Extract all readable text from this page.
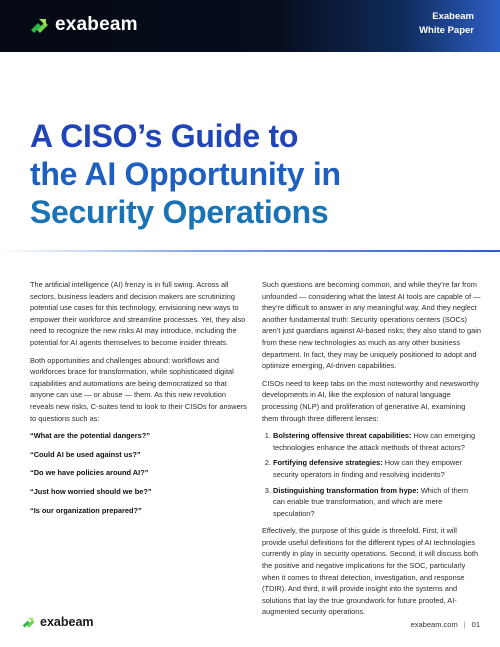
exabeam	Exabeam
White Paper
A CISO’s Guide to
the AI Opportunity in
Security Operations

The artificial intelligence (AI) frenzy is in full swing. Across all sectors, business leaders and decision makers are scrutinizing potential use cases for this technology, envisioning new ways to empower their workforce and streamline processes. Yet, they also need to recognize the new risks AI may introduce, including the potential for AI agents themselves to become insider threats.

Both opportunities and challenges abound: workflows and workforces brace for transformation, while sophisticated digital capabilities and automations are being democratized so that anyone can use — or abuse — them. As this new revolution reveals new risks, C-suites tend to look to their CISOs for answers to questions such as:

“What are the potential dangers?”
“Could AI be used against us?”
“Do we have policies around AI?”
“Just how worried should we be?”
“Is our organization prepared?”

Such questions are becoming common, and while they’re far from unfounded — considering what the latest AI tools are capable of — they’re difficult to answer in any meaningful way. And they neglect another fundamental truth: Security operations centers (SOCs) aren’t just guardians against AI-based risks; they also stand to gain from these new technologies as much as any other business department. In fact, they may be uniquely positioned to adopt and optimize emerging, AI-driven capabilities.

CISOs need to keep tabs on the most noteworthy and newsworthy developments in AI, like the explosion of natural language processing (NLP) and proliferation of generative AI, examining them through three different lenses:

1. Bolstering offensive threat capabilities: How can emerging technologies enhance the attack methods of threat actors?
2. Fortifying defensive strategies: How can they empower security operators in finding and resolving incidents?
3. Distinguishing transformation from hype: Which of them can enable true transformation, and which are mere speculation?

Effectively, the purpose of this guide is threefold. First, it will provide useful definitions for the different types of AI technologies currently in play in security operations. Second, it will discuss both the positive and negative implications for the SOC, particularly when it comes to threat detection, investigation, and response (TDIR). And third, it will provide insight into the systems and solutions that lay the true groundwork for future proofed, AI-augmented security operations.

exabeam	exabeam.com | 01
